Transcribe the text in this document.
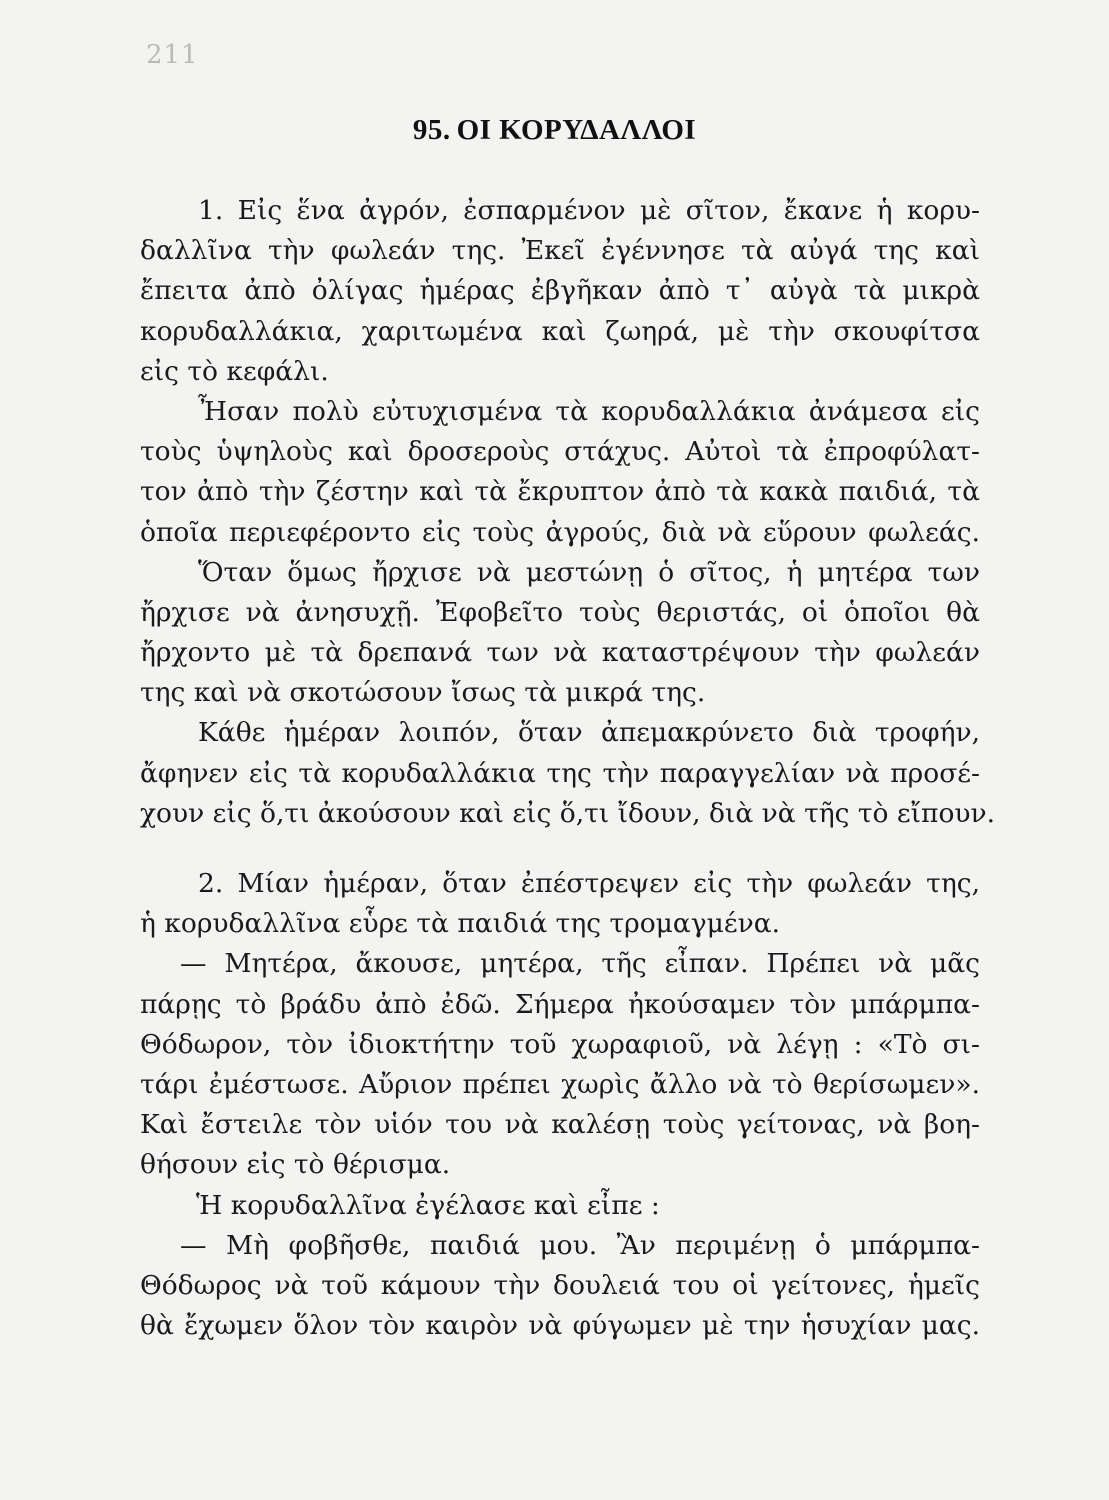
211
95. ΟΙ ΚΟΡΥΔΑΛΛΟΙ
1. Εἰς ἕνα ἀγρόν, ἐσπαρμένον μὲ σῖτον, ἔκανε ἡ κορυ-
δαλλῖνα τὴν φωλεάν της. Ἐκεῖ ἐγέννησε τὰ αὐγά της καὶ
ἔπειτα ἀπὸ ὀλίγας ἡμέρας ἐβγῆκαν ἀπὸ τ᾽ αὐγὰ τὰ μικρὰ
κορυδαλλάκια, χαριτωμένα καὶ ζωηρά, μὲ τὴν σκουφίτσα
εἰς τὸ κεφάλι.
Ἦσαν πολὺ εὐτυχισμένα τὰ κορυδαλλάκια ἀνάμεσα εἰς
τοὺς ὑψηλοὺς καὶ δροσεροὺς στάχυς. Αὐτοὶ τὰ ἐπροφύλατ-
τον ἀπὸ τὴν ζέστην καὶ τὰ ἔκρυπτον ἀπὸ τὰ κακὰ παιδιά, τὰ
ὁποῖα περιεφέροντο εἰς τοὺς ἀγρούς, διὰ νὰ εὕρουν φωλεάς.
Ὅταν ὅμως ἤρχισε νὰ μεστώνῃ ὁ σῖτος, ἡ μητέρα των
ἤρχισε νὰ ἀνησυχῇ. Ἐφοβεῖτο τοὺς θεριστάς, οἱ ὁποῖοι θὰ
ἤρχοντο μὲ τὰ δρεπανά των νὰ καταστρέψουν τὴν φωλεάν
της καὶ νὰ σκοτώσουν ἴσως τὰ μικρά της.
Κάθε ἡμέραν λοιπόν, ὅταν ἀπεμακρύνετο διὰ τροφήν,
ἄφηνεν εἰς τὰ κορυδαλλάκια της τὴν παραγγελίαν νὰ προσέ-
χουν εἰς ὅ,τι ἀκούσουν καὶ εἰς ὅ,τι ἴδουν, διὰ νὰ τῆς τὸ εἴπουν.
2. Μίαν ἡμέραν, ὅταν ἐπέστρεψεν εἰς τὴν φωλεάν της,
ἡ κορυδαλλῖνα εὗρε τὰ παιδιά της τρομαγμένα.
— Μητέρα, ἄκουσε, μητέρα, τῆς εἶπαν. Πρέπει νὰ μᾶς
πάρῃς τὸ βράδυ ἀπὸ ἐδῶ. Σήμερα ἠκούσαμεν τὸν μπάρμπα-
Θόδωρον, τὸν ἰδιοκτήτην τοῦ χωραφιοῦ, νὰ λέγῃ : «Τὸ σι-
τάρι ἐμέστωσε. Αὔριον πρέπει χωρὶς ἄλλο νὰ τὸ θερίσωμεν».
Καὶ ἔστειλε τὸν υἱόν του νὰ καλέσῃ τοὺς γείτονας, νὰ βοη-
θήσουν εἰς τὸ θέρισμα.
Ἡ κορυδαλλῖνα ἐγέλασε καὶ εἶπε :
— Μὴ φοβῆσθε, παιδιά μου. Ἂν περιμένῃ ὁ μπάρμπα-
Θόδωρος νὰ τοῦ κάμουν τὴν δουλειά του οἱ γείτονες, ἡμεῖς
θὰ ἔχωμεν ὅλον τὸν καιρὸν νὰ φύγωμεν μὲ την ἡσυχίαν μας.
